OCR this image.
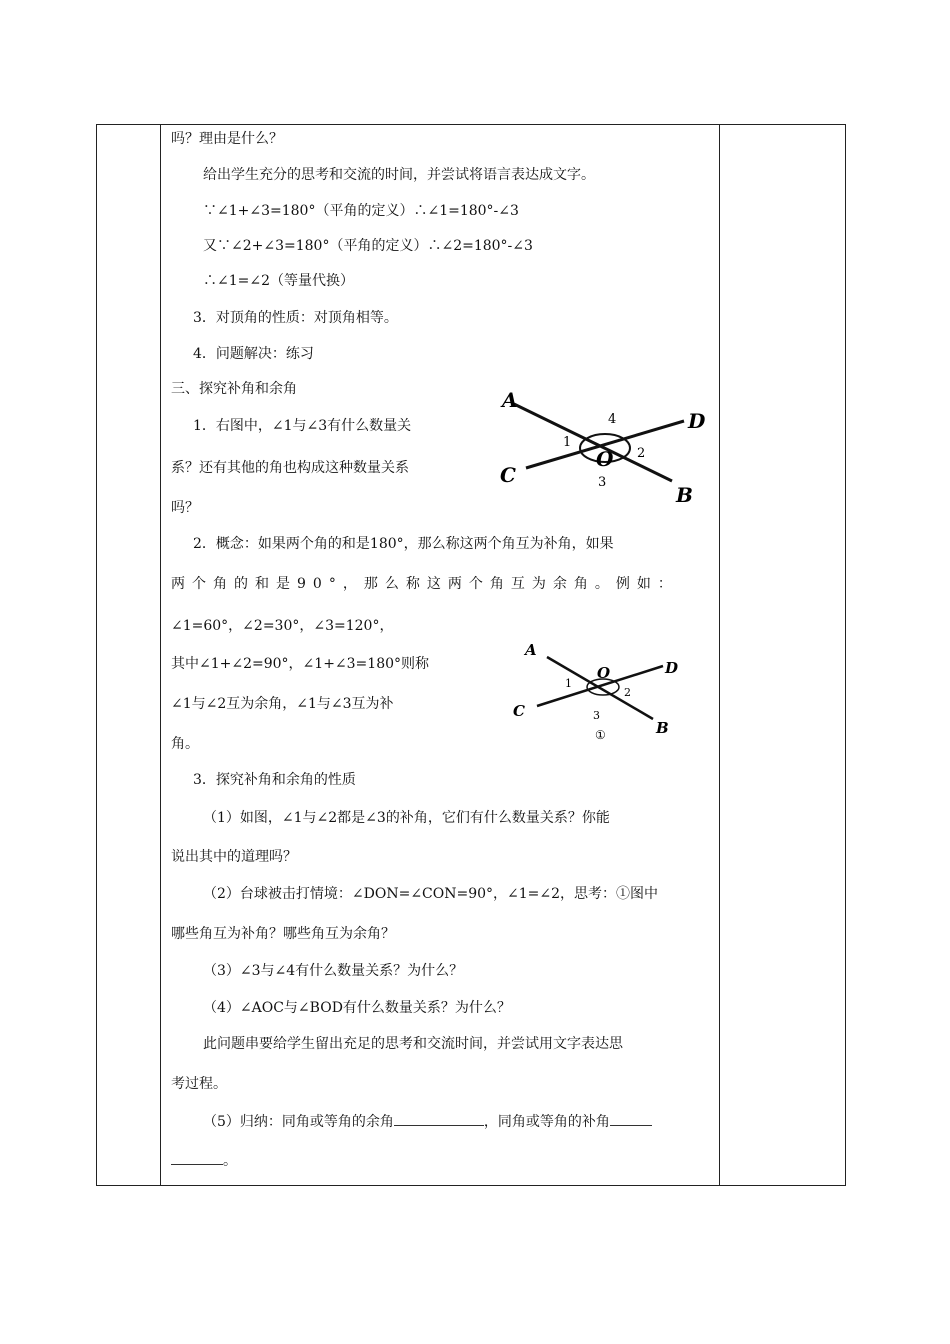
吗？理由是什么？
给出学生充分的思考和交流的时间，并尝试将语言表达成文字。
∵∠1+∠3=180°（平角的定义）∴∠1=180°-∠3
又∵∠2+∠3=180°（平角的定义）∴∠2=180°-∠3
∴∠1=∠2（等量代换）
3．对顶角的性质：对顶角相等。
4．问题解决：练习
三、探究补角和余角
1．右图中，∠1与∠3有什么数量关
系？还有其他的角也构成这种数量关系
吗？
2．概念：如果两个角的和是180°，那么称这两个角互为补角，如果
两个角的和是90°，那么称这两个角互为余角。例如：
∠1=60°，∠2=30°，∠3=120°，
其中∠1+∠2=90°，∠1+∠3=180°则称
∠1与∠2互为余角，∠1与∠3互为补
角。
3．探究补角和余角的性质
（1）如图，∠1与∠2都是∠3的补角，它们有什么数量关系？你能
说出其中的道理吗？
（2）台球被击打情境：∠DON=∠CON=90°，∠1=∠2，思考：①图中
哪些角互为补角？哪些角互为余角？
（3）∠3与∠4有什么数量关系？为什么？
（4）∠AOC与∠BOD有什么数量关系？为什么？
此问题串要给学生留出充足的思考和交流时间，并尝试用文字表达思
考过程。
（5）归纳：同角或等角的余角	，同角或等角的补角
。
A
D
C
B
O
4
1
2
3
A
D
C
B
O
1
2
3
①
